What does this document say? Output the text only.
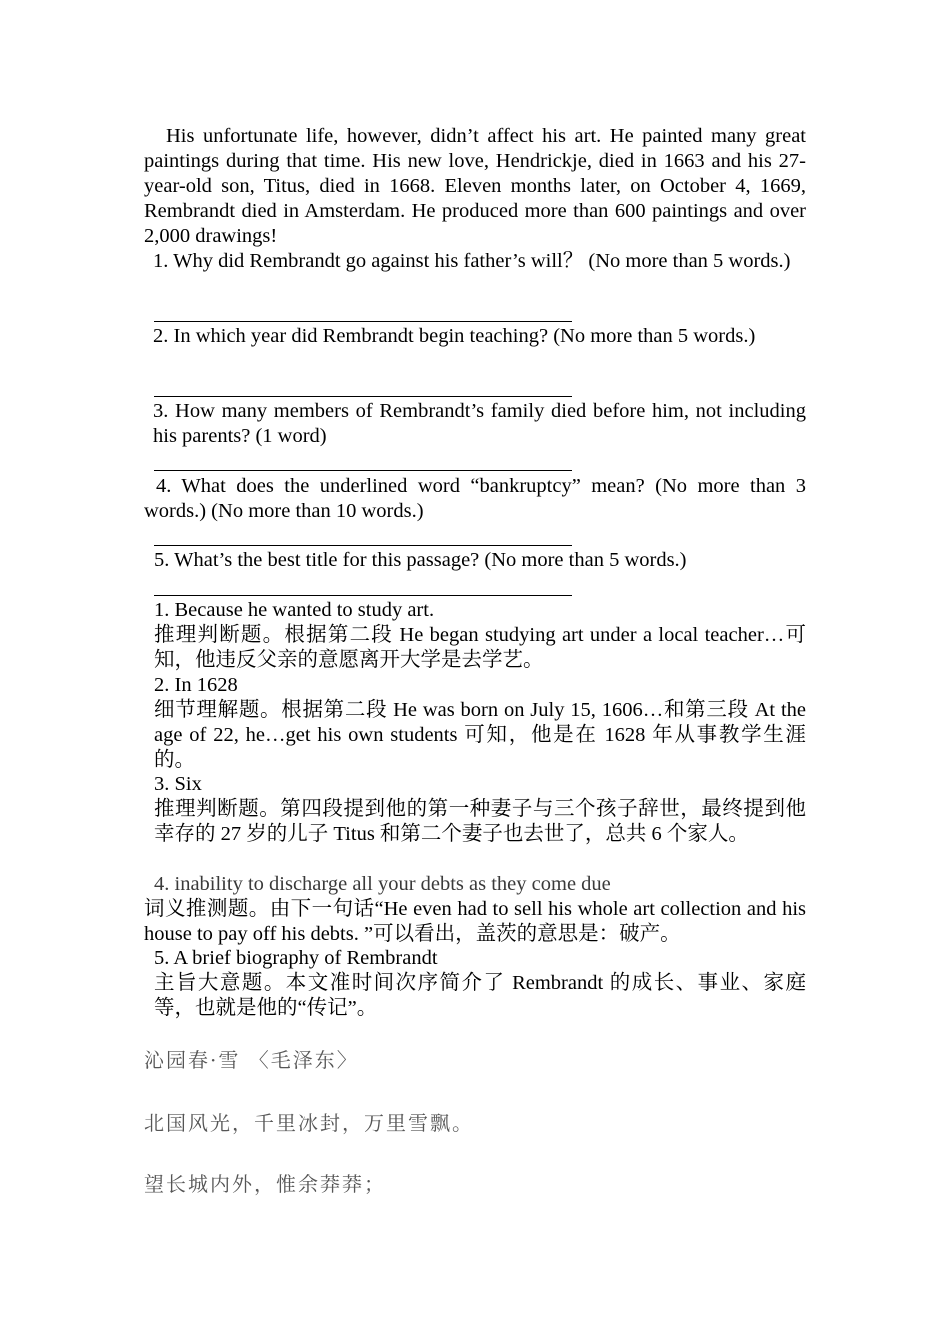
His unfortunate life, however, didn’t affect his art. He painted many great paintings during that time. His new love, Hendrickje, died in 1663 and his 27-year-old son, Titus, died in 1668. Eleven months later, on October 4, 1669, Rembrandt died in Amsterdam. He produced more than 600 paintings and over 2,000 drawings!
1. Why did Rembrandt go against his father’s will？ (No more than 5 words.)
2. In which year did Rembrandt begin teaching? (No more than 5 words.)
3. How many members of Rembrandt’s family died before him, not including his parents? (1 word)
4. What does the underlined word “bankruptcy” mean? (No more than 3 words.) (No more than 10 words.)
5. What’s the best title for this passage? (No more than 5 words.)
1. Because he wanted to study art.
推理判断题。根据第二段 He began studying art under a local teacher…可知，他违反父亲的意愿离开大学是去学艺。
2. In 1628
细节理解题。根据第二段 He was born on July 15, 1606…和第三段 At the age of 22, he…get his own students 可知，他是在 1628 年从事教学生涯的。
3. Six
推理判断题。第四段提到他的第一种妻子与三个孩子辞世，最终提到他幸存的 27 岁的儿子 Titus 和第二个妻子也去世了，总共 6 个家人。
4. inability to discharge all your debts as they come due
词义推测题。由下一句话“He even had to sell his whole art collection and his house to pay off his debts. ”可以看出，盖茨的意思是：破产。
5. A brief biography of Rembrandt
主旨大意题。本文准时间次序简介了 Rembrandt 的成长、事业、家庭等，也就是他的“传记”。
沁园春·雪 〈毛泽东〉
北国风光，千里冰封，万里雪飘。
望长城内外，惟余莽莽；
